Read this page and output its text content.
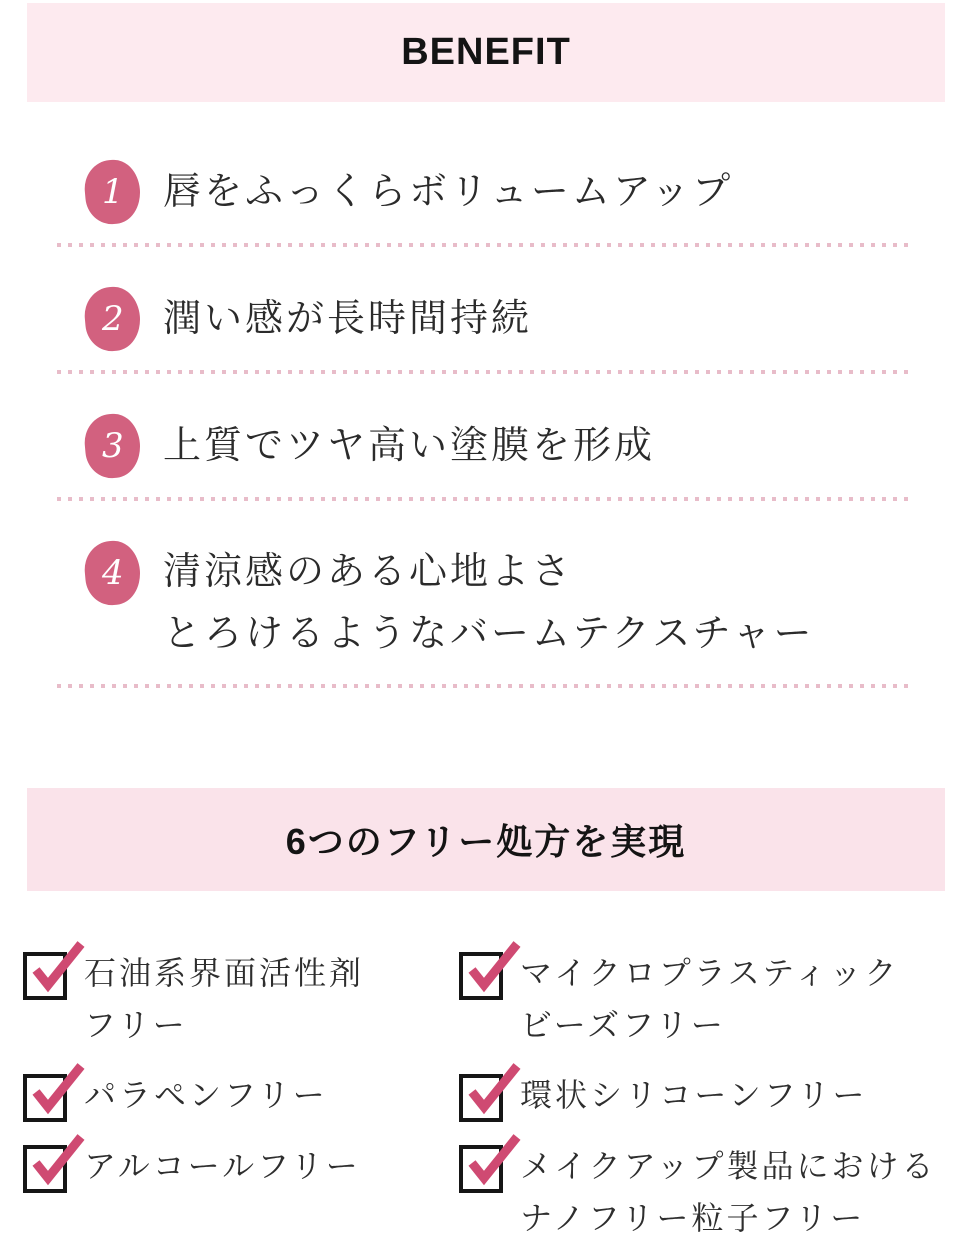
BENEFIT
1 唇をふっくらボリュームアップ
2 潤い感が長時間持続
3 上質でツヤ高い塗膜を形成
4 清涼感のある心地よさ
とろけるようなバームテクスチャー
6つのフリー処方を実現
石油系界面活性剤
フリー
マイクロプラスティック
ビーズフリー
パラペンフリー	環状シリコーンフリー
アルコールフリー	メイクアップ製品における
ナノフリー粒子フリー
